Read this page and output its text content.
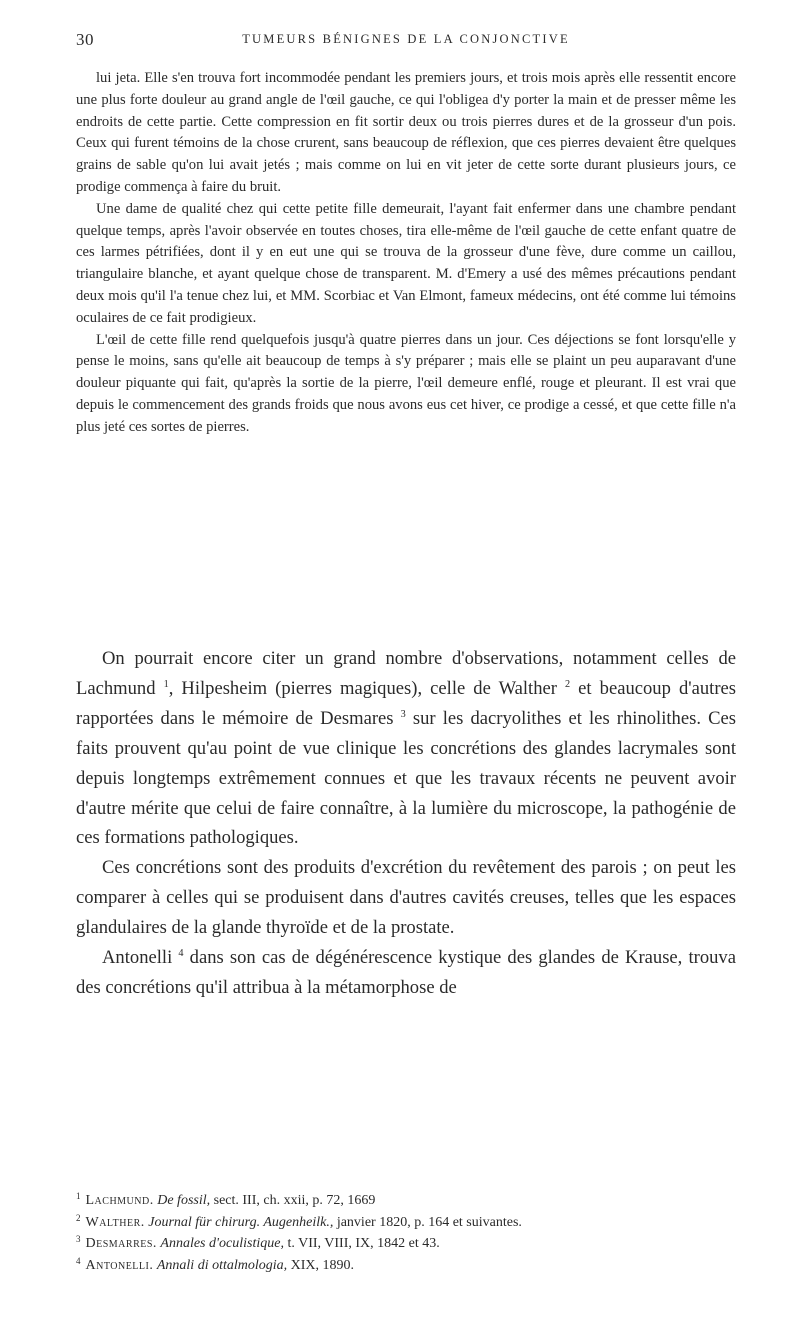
30	TUMEURS BÉNIGNES DE LA CONJONCTIVE

lui jeta. Elle s'en trouva fort incommodée pendant les premiers jours, et trois mois après elle ressentit encore une plus forte douleur au grand angle de l'œil gauche, ce qui l'obligea d'y porter la main et de presser même les endroits de cette partie. Cette compression en fit sortir deux ou trois pierres dures et de la grosseur d'un pois. Ceux qui furent témoins de la chose crurent, sans beaucoup de réflexion, que ces pierres devaient être quelques grains de sable qu'on lui avait jetés ; mais comme on lui en vit jeter de cette sorte durant plusieurs jours, ce prodige commença à faire du bruit.

Une dame de qualité chez qui cette petite fille demeurait, l'ayant fait enfermer dans une chambre pendant quelque temps, après l'avoir observée en toutes choses, tira elle-même de l'œil gauche de cette enfant quatre de ces larmes pétrifiées, dont il y en eut une qui se trouva de la grosseur d'une fève, dure comme un caillou, triangulaire blanche, et ayant quelque chose de transparent. M. d'Emery a usé des mêmes précautions pendant deux mois qu'il l'a tenue chez lui, et MM. Scorbiac et Van Elmont, fameux médecins, ont été comme lui témoins oculaires de ce fait prodigieux.

L'œil de cette fille rend quelquefois jusqu'à quatre pierres dans un jour. Ces déjections se font lorsqu'elle y pense le moins, sans qu'elle ait beaucoup de temps à s'y préparer ; mais elle se plaint un peu auparavant d'une douleur piquante qui fait, qu'après la sortie de la pierre, l'œil demeure enflé, rouge et pleurant. Il est vrai que depuis le commencement des grands froids que nous avons eus cet hiver, ce prodige a cessé, et que cette fille n'a plus jeté ces sortes de pierres.

On pourrait encore citer un grand nombre d'observations, notamment celles de Lachmund $^1$, Hilpesheim (pierres magiques), celle de Walther $^2$ et beaucoup d'autres rapportées dans le mémoire de Desmares $^3$ sur les dacryolithes et les rhinolithes. Ces faits prouvent qu'au point de vue clinique les concrétions des glandes lacrymales sont depuis longtemps extrêmement connues et que les travaux récents ne peuvent avoir d'autre mérite que celui de faire connaître, à la lumière du microscope, la pathogénie de ces formations pathologiques.

Ces concrétions sont des produits d'excrétion du revêtement des parois ; on peut les comparer à celles qui se produisent dans d'autres cavités creuses, telles que les espaces glandulaires de la glande thyroïde et de la prostate.

Antonelli $^4$ dans son cas de dégénérescence kystique des glandes de Krause, trouva des concrétions qu'il attribua à la métamorphose de

$^1$ Lachmund. De fossil, sect. III, ch. xxii, p. 72, 1669
$^2$ Walther. Journal für chirurg. Augenheilk., janvier 1820, p. 164 et suivantes.
$^3$ Desmarres. Annales d'oculistique, t. VII, VIII, IX, 1842 et 43.
$^4$ Antonelli. Annali di ottalmologia, XIX, 1890.
